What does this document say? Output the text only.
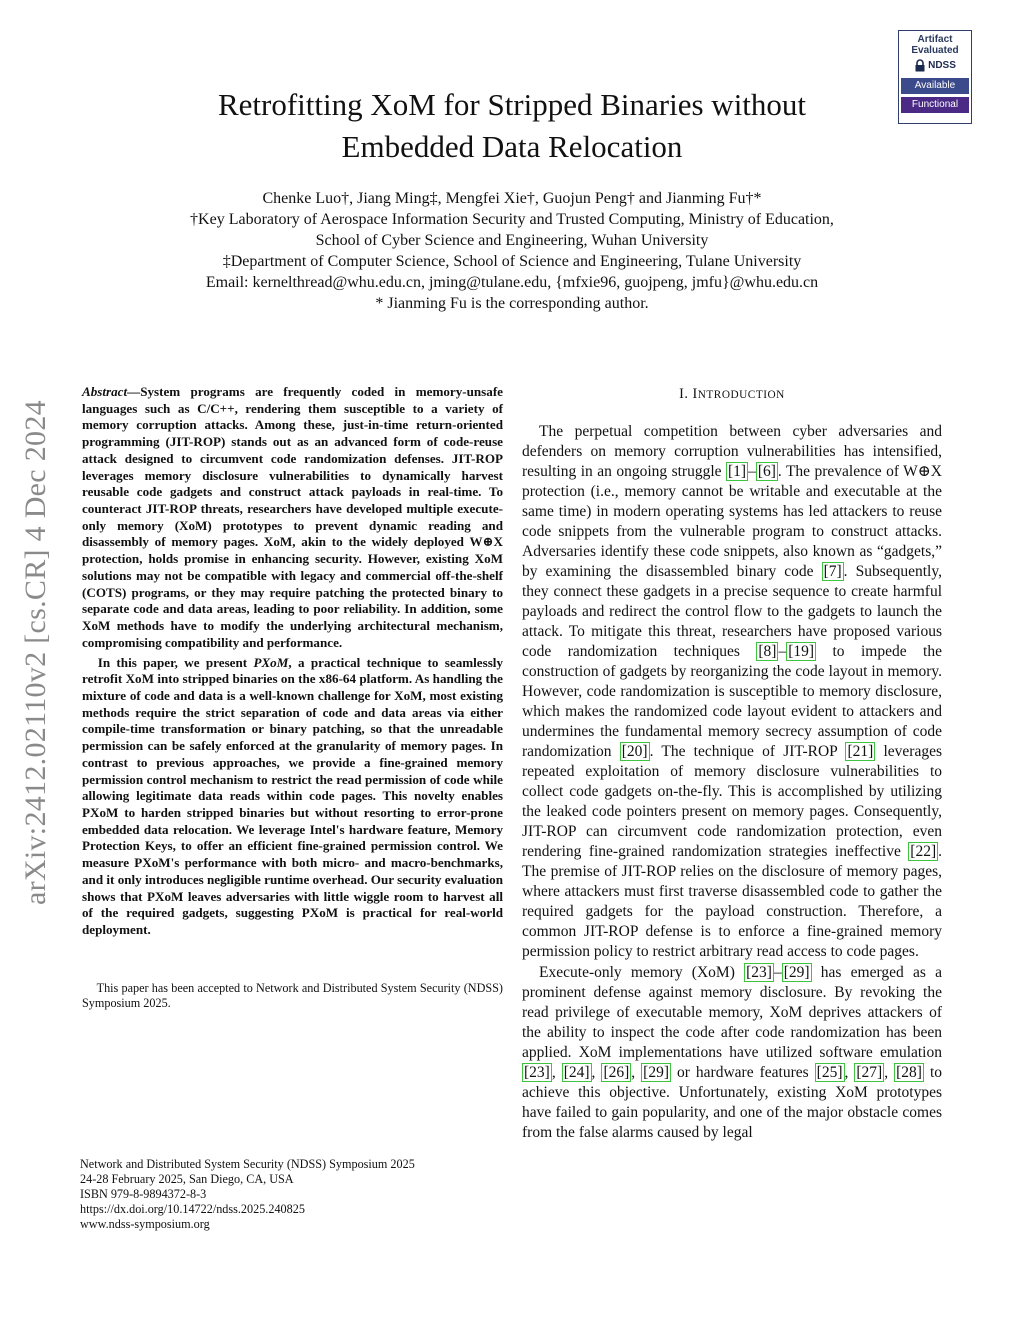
Artifact
Evaluated
NDSS
Available
Functional
arXiv:2412.02110v2 [cs.CR] 4 Dec 2024
Retrofitting XoM for Stripped Binaries without Embedded Data Relocation
Chenke Luo†, Jiang Ming‡, Mengfei Xie†, Guojun Peng† and Jianming Fu†*
†Key Laboratory of Aerospace Information Security and Trusted Computing, Ministry of Education,
School of Cyber Science and Engineering, Wuhan University
‡Department of Computer Science, School of Science and Engineering, Tulane University
Email: kernelthread@whu.edu.cn, jming@tulane.edu, {mfxie96, guojpeng, jmfu}@whu.edu.cn
* Jianming Fu is the corresponding author.

Abstract—System programs are frequently coded in memory-unsafe languages such as C/C++, rendering them susceptible to a variety of memory corruption attacks. Among these, just-in-time return-oriented programming (JIT-ROP) stands out as an advanced form of code-reuse attack designed to circumvent code randomization defenses. JIT-ROP leverages memory disclosure vulnerabilities to dynamically harvest reusable code gadgets and construct attack payloads in real-time. To counteract JIT-ROP threats, researchers have developed multiple execute-only memory (XoM) prototypes to prevent dynamic reading and disassembly of memory pages. XoM, akin to the widely deployed W⊕X protection, holds promise in enhancing security. However, existing XoM solutions may not be compatible with legacy and commercial off-the-shelf (COTS) programs, or they may require patching the protected binary to separate code and data areas, leading to poor reliability. In addition, some XoM methods have to modify the underlying architectural mechanism, compromising compatibility and performance.

In this paper, we present PXoM, a practical technique to seamlessly retrofit XoM into stripped binaries on the x86-64 platform. As handling the mixture of code and data is a well-known challenge for XoM, most existing methods require the strict separation of code and data areas via either compile-time transformation or binary patching, so that the unreadable permission can be safely enforced at the granularity of memory pages. In contrast to previous approaches, we provide a fine-grained memory permission control mechanism to restrict the read permission of code while allowing legitimate data reads within code pages. This novelty enables PXoM to harden stripped binaries but without resorting to error-prone embedded data relocation. We leverage Intel's hardware feature, Memory Protection Keys, to offer an efficient fine-grained permission control. We measure PXoM's performance with both micro- and macro-benchmarks, and it only introduces negligible runtime overhead. Our security evaluation shows that PXoM leaves adversaries with little wiggle room to harvest all of the required gadgets, suggesting PXoM is practical for real-world deployment.

This paper has been accepted to Network and Distributed System Security (NDSS) Symposium 2025.
Network and Distributed System Security (NDSS) Symposium 2025
24-28 February 2025, San Diego, CA, USA
ISBN 979-8-9894372-8-3
https://dx.doi.org/10.14722/ndss.2025.240825
www.ndss-symposium.org
I. INTRODUCTION

The perpetual competition between cyber adversaries and defenders on memory corruption vulnerabilities has intensified, resulting in an ongoing struggle [1] – [6] . The prevalence of W⊕X protection (i.e., memory cannot be writable and executable at the same time) in modern operating systems has led attackers to reuse code snippets from the vulnerable program to construct attacks. Adversaries identify these code snippets, also known as “gadgets,” by examining the disassembled binary code [7] . Subsequently, they connect these gadgets in a precise sequence to create harmful payloads and redirect the control flow to the gadgets to launch the attack. To mitigate this threat, researchers have proposed various code randomization techniques [8] – [19] to impede the construction of gadgets by reorganizing the code layout in memory. However, code randomization is susceptible to memory disclosure, which makes the randomized code layout evident to attackers and undermines the fundamental memory secrecy assumption of code randomization [20] . The technique of JIT-ROP [21] leverages repeated exploitation of memory disclosure vulnerabilities to collect code gadgets on-the-fly. This is accomplished by utilizing the leaked code pointers present on memory pages. Consequently, JIT-ROP can circumvent code randomization protection, even rendering fine-grained randomization strategies ineffective [22] . The premise of JIT-ROP relies on the disclosure of memory pages, where attackers must first traverse disassembled code to gather the required gadgets for the payload construction. Therefore, a common JIT-ROP defense is to enforce a fine-grained memory permission policy to restrict arbitrary read access to code pages.

Execute-only memory (XoM) [23] – [29] has emerged as a prominent defense against memory disclosure. By revoking the read privilege of executable memory, XoM deprives attackers of the ability to inspect the code after code randomization has been applied. XoM implementations have utilized software emulation [23] , [24] , [26] , [29] or hardware features [25] , [27] , [28] to achieve this objective. Unfortunately, existing XoM prototypes have failed to gain popularity, and one of the major obstacle comes from the false alarms caused by legal
